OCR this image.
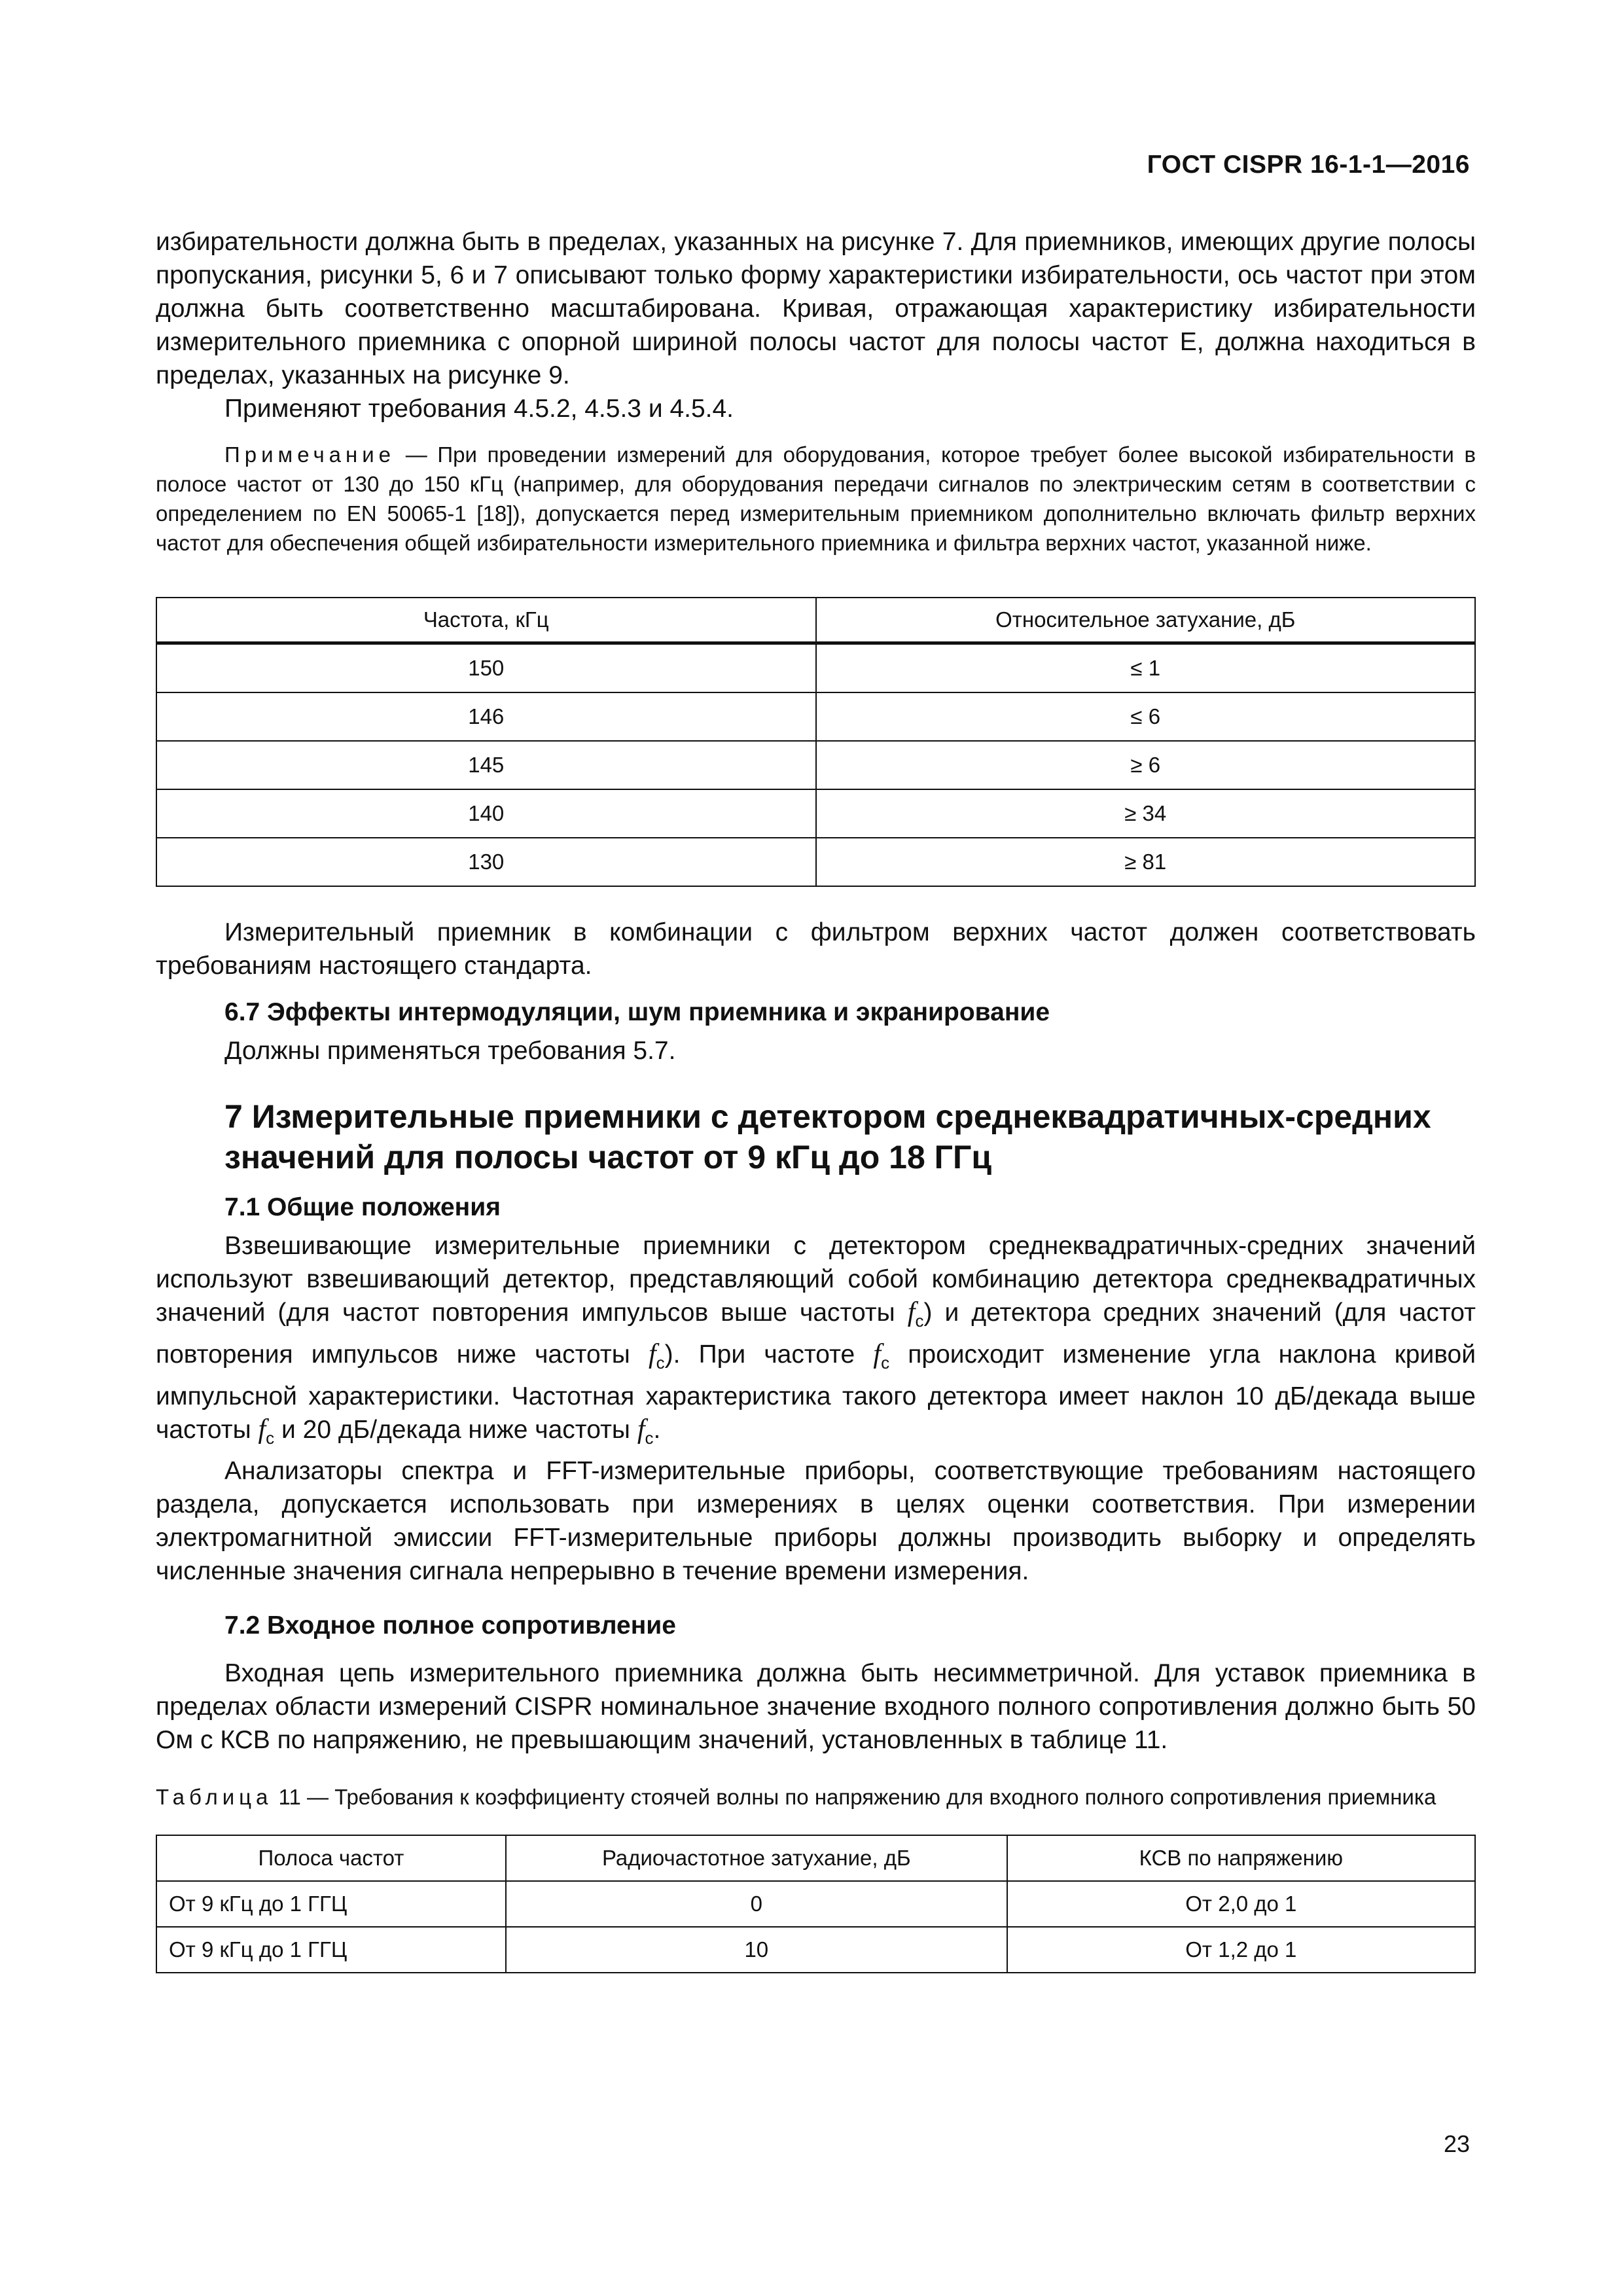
ГОСТ CISPR 16-1-1—2016

избирательности должна быть в пределах, указанных на рисунке 7. Для приемников, имеющих другие полосы пропускания, рисунки 5, 6 и 7 описывают только форму характеристики избирательности, ось частот при этом должна быть соответственно масштабирована. Кривая, отражающая характеристику избирательности измерительного приемника с опорной шириной полосы частот для полосы частот E, должна находиться в пределах, указанных на рисунке 9.

Применяют требования 4.5.2, 4.5.3 и 4.5.4.

Примечание — При проведении измерений для оборудования, которое требует более высокой избирательности в полосе частот от 130 до 150 кГц (например, для оборудования передачи сигналов по электрическим сетям в соответствии с определением по EN 50065-1 [18]), допускается перед измерительным приемником дополнительно включать фильтр верхних частот для обеспечения общей избирательности измерительного приемника и фильтра верхних частот, указанной ниже.

Частота, кГц	Относительное затухание, дБ
150	≤ 1
146	≤ 6
145	≥ 6
140	≥ 34
130	≥ 81

Измерительный приемник в комбинации с фильтром верхних частот должен соответствовать требованиям настоящего стандарта.

6.7 Эффекты интермодуляции, шум приемника и экранирование

Должны применяться требования 5.7.

7 Измерительные приемники с детектором среднеквадратичных-средних
значений для полосы частот от 9 кГц до 18 ГГц
7.1 Общие положения

Взвешивающие измерительные приемники с детектором среднеквадратичных-средних значений используют взвешивающий детектор, представляющий собой комбинацию детектора среднеквадратичных значений (для частот повторения импульсов выше частоты $f_c$) и детектора средних значений (для частот повторения импульсов ниже частоты $f_c$). При частоте $f_c$ происходит изменение угла наклона кривой импульсной характеристики. Частотная характеристика такого детектора имеет наклон 10 дБ/декада выше частоты $f_c$ и 20 дБ/декада ниже частоты $f_c$.

Анализаторы спектра и FFT-измерительные приборы, соответствующие требованиям настоящего раздела, допускается использовать при измерениях в целях оценки соответствия. При измерении электромагнитной эмиссии FFT-измерительные приборы должны производить выборку и определять численные значения сигнала непрерывно в течение времени измерения.

7.2 Входное полное сопротивление

Входная цепь измерительного приемника должна быть несимметричной. Для уставок приемника в пределах области измерений CISPR номинальное значение входного полного сопротивления должно быть 50 Ом с КСВ по напряжению, не превышающим значений, установленных в таблице 11.

Таблица 11 — Требования к коэффициенту стоячей волны по напряжению для входного полного сопротивления приемника

Полоса частот	Радиочастотное затухание, дБ	КСВ по напряжению
От 9 кГц до 1 ГГЦ	0	От 2,0 до 1
От 9 кГц до 1 ГГЦ	10	От 1,2 до 1
23
